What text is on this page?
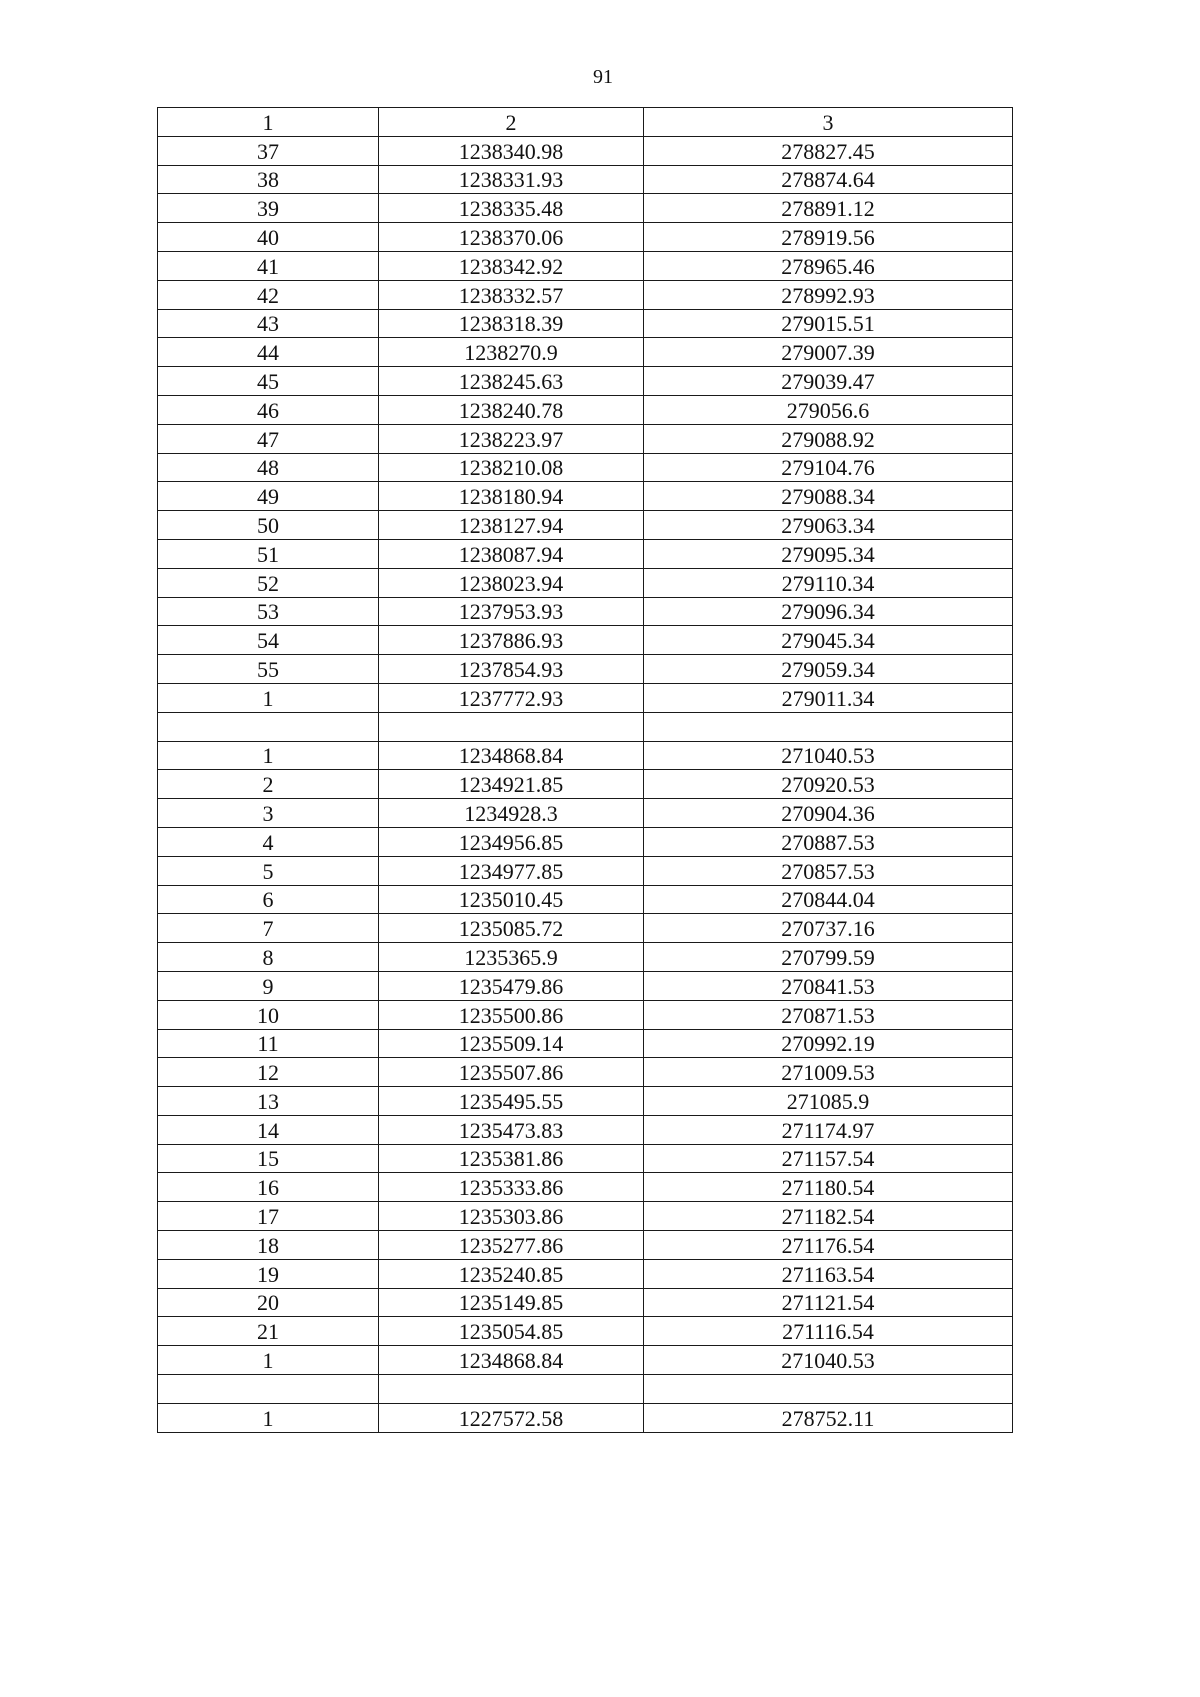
91
1	2	3
37	1238340.98	278827.45
38	1238331.93	278874.64
39	1238335.48	278891.12
40	1238370.06	278919.56
41	1238342.92	278965.46
42	1238332.57	278992.93
43	1238318.39	279015.51
44	1238270.9	279007.39
45	1238245.63	279039.47
46	1238240.78	279056.6
47	1238223.97	279088.92
48	1238210.08	279104.76
49	1238180.94	279088.34
50	1238127.94	279063.34
51	1238087.94	279095.34
52	1238023.94	279110.34
53	1237953.93	279096.34
54	1237886.93	279045.34
55	1237854.93	279059.34
1	1237772.93	279011.34

1	1234868.84	271040.53
2	1234921.85	270920.53
3	1234928.3	270904.36
4	1234956.85	270887.53
5	1234977.85	270857.53
6	1235010.45	270844.04
7	1235085.72	270737.16
8	1235365.9	270799.59
9	1235479.86	270841.53
10	1235500.86	270871.53
11	1235509.14	270992.19
12	1235507.86	271009.53
13	1235495.55	271085.9
14	1235473.83	271174.97
15	1235381.86	271157.54
16	1235333.86	271180.54
17	1235303.86	271182.54
18	1235277.86	271176.54
19	1235240.85	271163.54
20	1235149.85	271121.54
21	1235054.85	271116.54
1	1234868.84	271040.53

1	1227572.58	278752.11
